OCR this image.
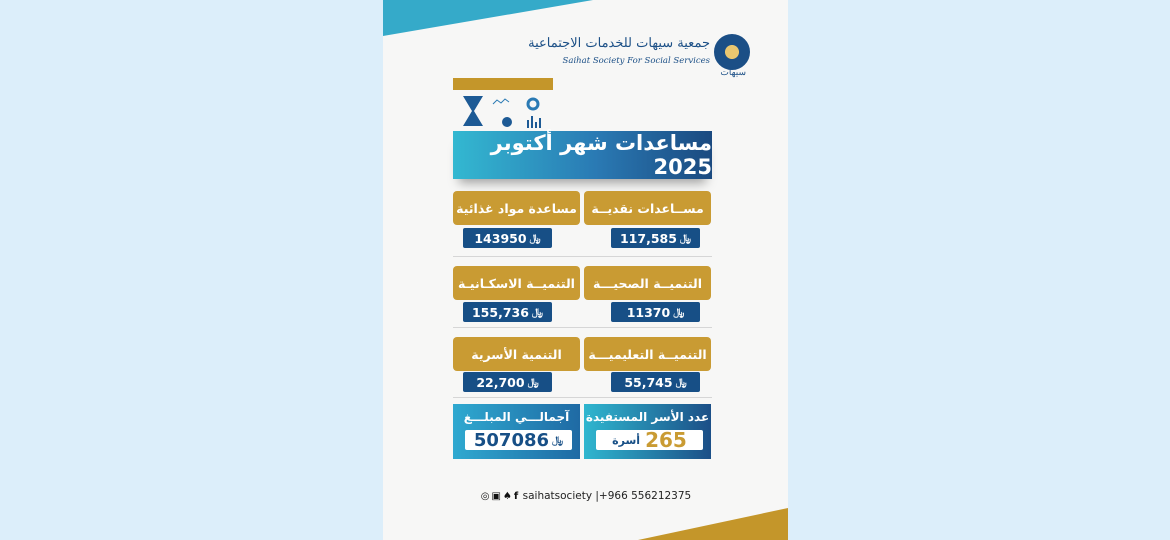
سيهات
جمعية سيهات للخدمات الاجتماعية
Saihat Society For Social Services
مساعدات شهر أكتوبر 2025
مســاعدات نقديــة
117,585 ﷼
مساعدة مواد غذائية
143950 ﷼
التنميــة الصحيـــة
11370 ﷼
التنميــة الاسكـانيـة
155,736 ﷼
التنميــة التعليميـــة
55,745 ﷼
التنمية الأسرية
22,700 ﷼
عدد الأسر المستفيدة
265
أسرة
آجمالـــي المبلـــغ
507086 ﷼
◎ ▣ ♠ f saihatsociety |+966 556212375
